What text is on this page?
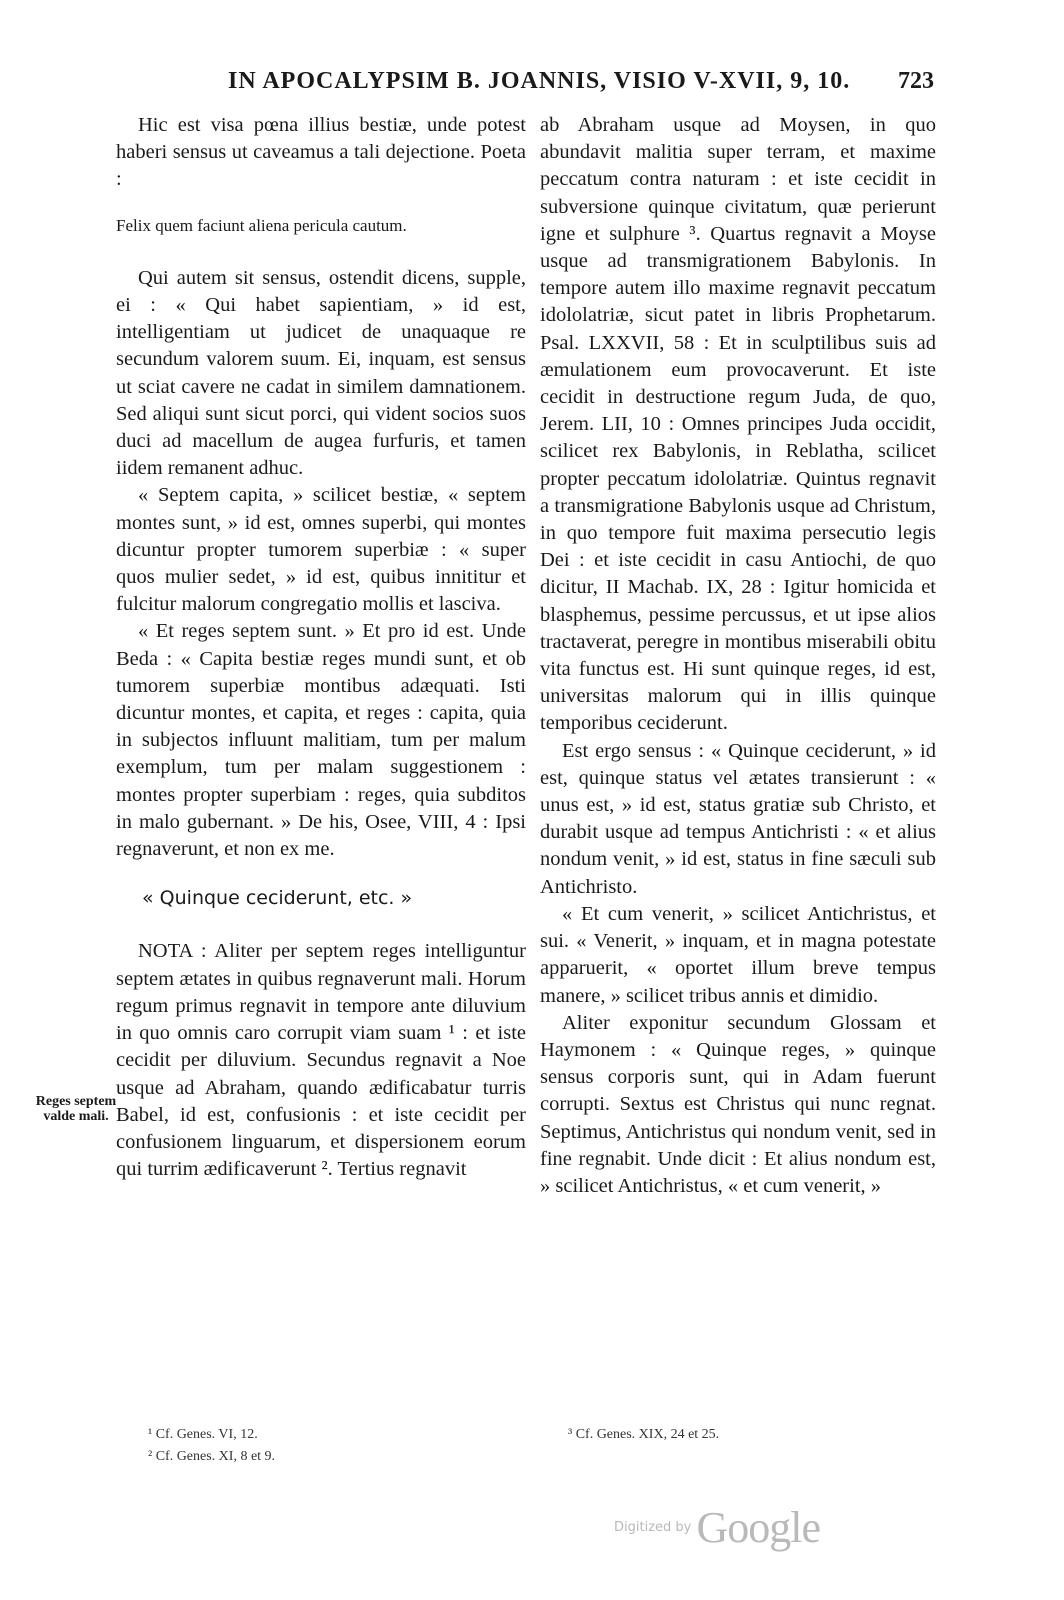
IN APOCALYPSIM B. JOANNIS, VISIO V-XVII, 9, 10. 723

Hic est visa pœna illius bestiæ, unde potest haberi sensus ut caveamus a tali dejectione. Poeta :

Felix quem faciunt aliena pericula cautum.

Qui autem sit sensus, ostendit dicens, supple, ei : « Qui habet sapientiam, » id est, intelligentiam ut judicet de unaquaque re secundum valorem suum. Ei, inquam, est sensus ut sciat cavere ne cadat in similem damnationem. Sed aliqui sunt sicut porci, qui vident socios suos duci ad macellum de augea furfuris, et tamen iidem remanent adhuc.

« Septem capita, » scilicet bestiæ, « septem montes sunt, » id est, omnes superbi, qui montes dicuntur propter tumorem superbiæ : « super quos mulier sedet, » id est, quibus innititur et fulcitur malorum congregatio mollis et lasciva.

« Et reges septem sunt. » Et pro id est. Unde Beda : « Capita bestiæ reges mundi sunt, et ob tumorem superbiæ montibus adæquati. Isti dicuntur montes, et capita, et reges : capita, quia in subjectos influunt malitiam, tum per malum exemplum, tum per malam suggestionem : montes propter superbiam : reges, quia subditos in malo gubernant. » De his, Osee, VIII, 4 : Ipsi regnaverunt, et non ex me.

« Quinque ceciderunt, etc. »

NOTA : Aliter per septem reges intelliguntur septem ætates in quibus regnaverunt mali. Horum regum primus regnavit in tempore ante diluvium in quo omnis caro corrupit viam suam ¹ : et iste cecidit per diluvium. Secundus regnavit a Noe usque ad Abraham, quando ædificabatur turris Babel, id est, confusionis : et iste cecidit per confusionem linguarum, et dispersionem eorum qui turrim ædificaverunt ². Tertius regnavit

ab Abraham usque ad Moysen, in quo abundavit malitia super terram, et maxime peccatum contra naturam : et iste cecidit in subversione quinque civitatum, quæ perierunt igne et sulphure ³. Quartus regnavit a Moyse usque ad transmigrationem Babylonis. In tempore autem illo maxime regnavit peccatum idololatriæ, sicut patet in libris Prophetarum. Psal. LXXVII, 58 : Et in sculptilibus suis ad æmulationem eum provocaverunt. Et iste cecidit in destructione regum Juda, de quo, Jerem. LII, 10 : Omnes principes Juda occidit, scilicet rex Babylonis, in Reblatha, scilicet propter peccatum idololatriæ. Quintus regnavit a transmigratione Babylonis usque ad Christum, in quo tempore fuit maxima persecutio legis Dei : et iste cecidit in casu Antiochi, de quo dicitur, II Machab. IX, 28 : Igitur homicida et blasphemus, pessime percussus, et ut ipse alios tractaverat, peregre in montibus miserabili obitu vita functus est. Hi sunt quinque reges, id est, universitas malorum qui in illis quinque temporibus ceciderunt.

Est ergo sensus : « Quinque ceciderunt, » id est, quinque status vel ætates transierunt : « unus est, » id est, status gratiæ sub Christo, et durabit usque ad tempus Antichristi : « et alius nondum venit, » id est, status in fine sæculi sub Antichristo.

« Et cum venerit, » scilicet Antichristus, et sui. « Venerit, » inquam, et in magna potestate apparuerit, « oportet illum breve tempus manere, » scilicet tribus annis et dimidio.

Aliter exponitur secundum Glossam et Haymonem : « Quinque reges, » quinque sensus corporis sunt, qui in Adam fuerunt corrupti. Sextus est Christus qui nunc regnat. Septimus, Antichristus qui nondum venit, sed in fine regnabit. Unde dicit : Et alius nondum est, » scilicet Antichristus, « et cum venerit, »

Reges septem valde mali.
¹ Cf. Genes. VI, 12.
² Cf. Genes. XI, 8 et 9.
³ Cf. Genes. XIX, 24 et 25.
Digitized by Google
